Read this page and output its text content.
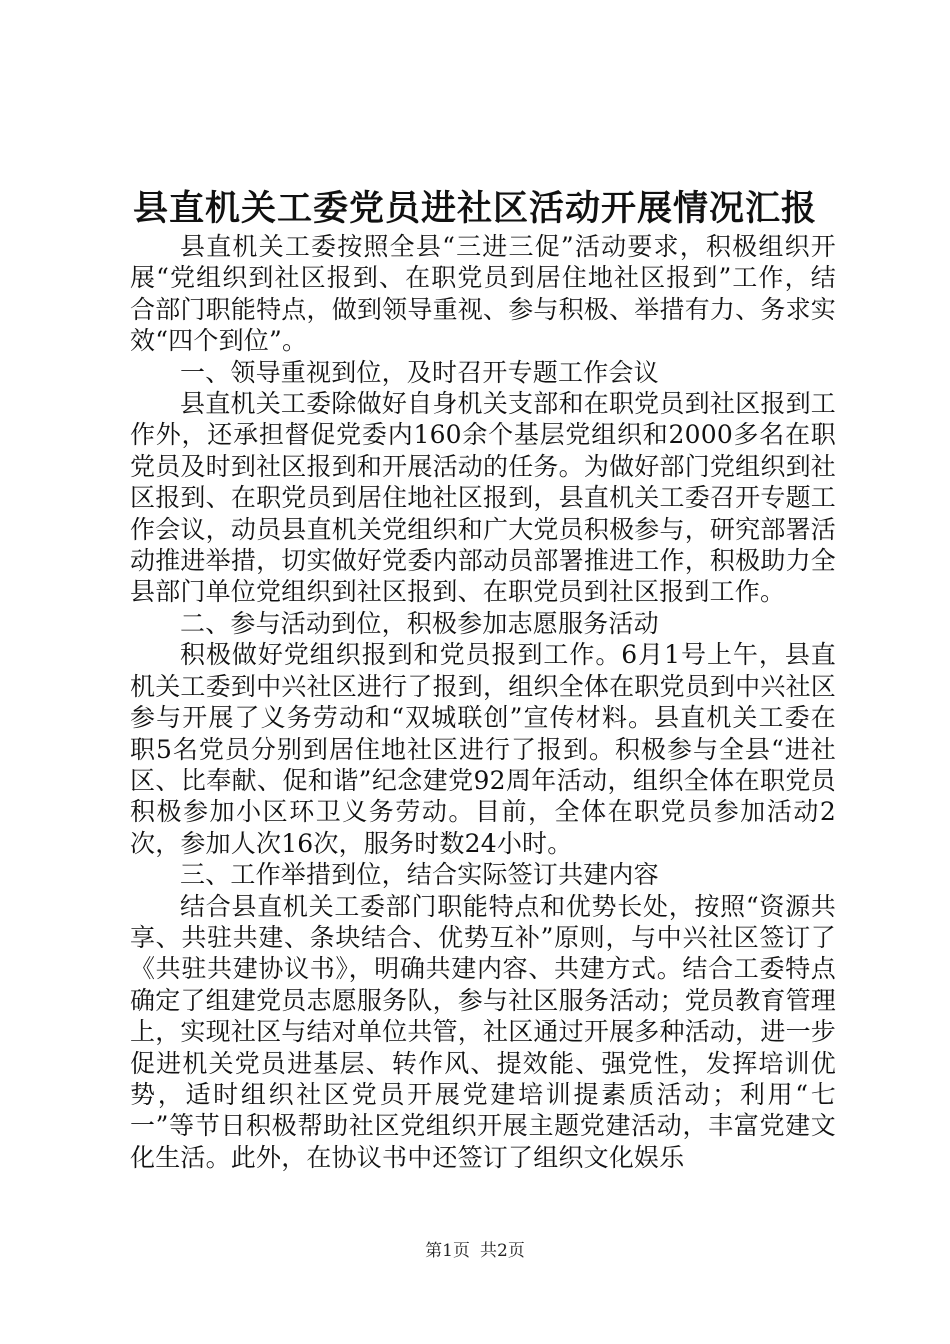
县直机关工委党员进社区活动开展情况汇报

县直机关工委按照全县“三进三促”活动要求，积极组织开展“党组织到社区报到、在职党员到居住地社区报到”工作，结合部门职能特点，做到领导重视、参与积极、举措有力、务求实效“四个到位”。

一、领导重视到位，及时召开专题工作会议

县直机关工委除做好自身机关支部和在职党员到社区报到工作外，还承担督促党委内160余个基层党组织和2000多名在职党员及时到社区报到和开展活动的任务。为做好部门党组织到社区报到、在职党员到居住地社区报到，县直机关工委召开专题工作会议，动员县直机关党组织和广大党员积极参与，研究部署活动推进举措，切实做好党委内部动员部署推进工作，积极助力全县部门单位党组织到社区报到、在职党员到社区报到工作。

二、参与活动到位，积极参加志愿服务活动

积极做好党组织报到和党员报到工作。6月1号上午，县直机关工委到中兴社区进行了报到，组织全体在职党员到中兴社区参与开展了义务劳动和“双城联创”宣传材料。县直机关工委在职5名党员分别到居住地社区进行了报到。积极参与全县“进社区、比奉献、促和谐”纪念建党92周年活动，组织全体在职党员积极参加小区环卫义务劳动。目前，全体在职党员参加活动2次，参加人次16次，服务时数24小时。

三、工作举措到位，结合实际签订共建内容

结合县直机关工委部门职能特点和优势长处，按照“资源共享、共驻共建、条块结合、优势互补”原则，与中兴社区签订了《共驻共建协议书》，明确共建内容、共建方式。结合工委特点确定了组建党员志愿服务队，参与社区服务活动；党员教育管理上，实现社区与结对单位共管，社区通过开展多种活动，进一步促进机关党员进基层、转作风、提效能、强党性，发挥培训优势，适时组织社区党员开展党建培训提素质活动；利用“七一”等节日积极帮助社区党组织开展主题党建活动，丰富党建文化生活。此外，在协议书中还签订了组织文化娱乐

第1页 共2页
